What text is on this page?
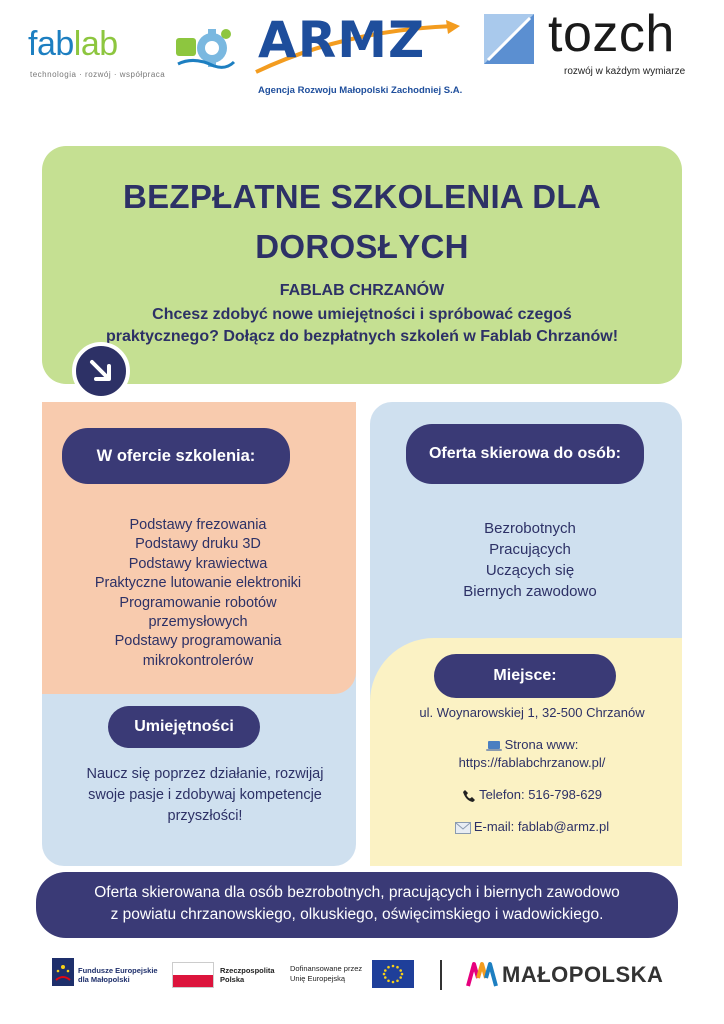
fablab
technologia · rozwój · współpraca
ARMZ
Agencja Rozwoju Małopolski Zachodniej S.A.
tozch
rozwój w każdym wymiarze
BEZPŁATNE SZKOLENIA DLA
DOROSŁYCH
FABLAB CHRZANÓW
Chcesz zdobyć nowe umiejętności i spróbować czegoś praktycznego? Dołącz do bezpłatnych szkoleń w Fablab Chrzanów!
W ofercie szkolenia:
Podstawy frezowania
Podstawy druku 3D
Podstawy krawiectwa
Praktyczne lutowanie elektroniki
Programowanie robotów
przemysłowych
Podstawy programowania
mikrokontrolerów
Umiejętności
Naucz się poprzez działanie, rozwijaj swoje pasje i zdobywaj kompetencje przyszłości!
Oferta skierowa do osób:
Bezrobotnych
Pracujących
Uczących się
Biernych zawodowo
Miejsce:
ul. Woynarowskiej 1, 32-500 Chrzanów
Strona www:
https://fablabchrzanow.pl/
Telefon: 516-798-629
E-mail: fablab@armz.pl
Oferta skierowana dla osób bezrobotnych, pracujących i biernych zawodowo
z powiatu chrzanowskiego, olkuskiego, oświęcimskiego i wadowickiego.
Fundusze Europejskie
dla Małopolski
Rzeczpospolita
Polska
Dofinansowane przez
Unię Europejską	MAŁOPOLSKA
